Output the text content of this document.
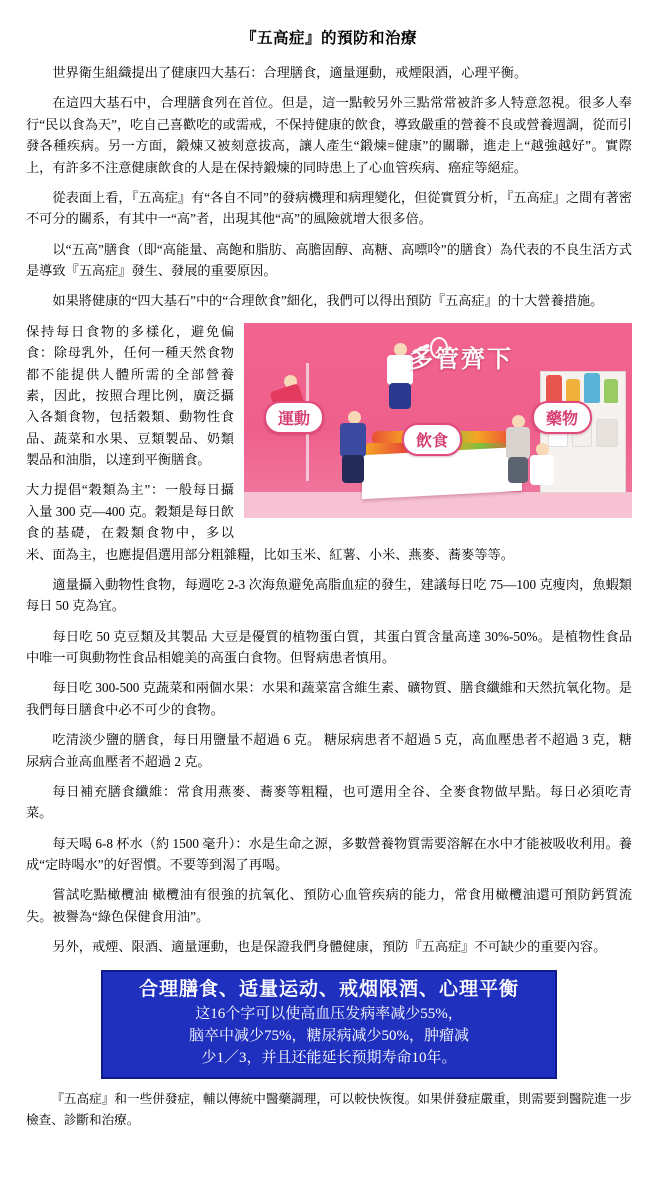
『五高症』的預防和治療

世界衛生組織提出了健康四大基石：合理膳食，適量運動，戒煙限酒，心理平衡。

在這四大基石中，合理膳食列在首位。但是，這一點較另外三點常常被許多人特意忽視。很多人奉行“民以食為天”，吃自己喜歡吃的或需戒，不保持健康的飲食，導致嚴重的營養不良或營養週調，從而引發各種疾病。另一方面，鍛煉又被刻意拔高，讓人產生“鍛煉=健康”的關聯，進走上“越強越好”。實際上，有許多不注意健康飲食的人是在保持鍛煉的同時患上了心血管疾病、癌症等絕症。

從表面上看，『五高症』有“各自不同”的發病機理和病理變化，但從實質分析，『五高症』之間有著密不可分的關系，有其中一“高”者，出現其他“高”的風險就增大很多倍。

以“五高”膳食（即“高能量、高飽和脂肪、高膽固醇、高糖、高嘌呤”的膳食）為代表的不良生活方式是導致『五高症』發生、發展的重要原因。

如果將健康的“四大基石”中的“合理飲食”細化，我們可以得出預防『五高症』的十大營養措施。

多管齊下
運動
飲食
藥物

保持每日食物的多樣化，避免偏食：除母乳外，任何一種天然食物都不能提供人體所需的全部營養素，因此，按照合理比例，廣泛攝入各類食物，包括穀類、動物性食品、蔬菜和水果、豆類製品、奶類製品和油脂，以達到平衡膳食。

大力提倡“穀類為主”：一般每日攝入量 300 克—400 克。穀類是每日飲食的基礎，在穀類食物中，多以米、面為主，也應提倡選用部分粗雜糧，比如玉米、紅薯、小米、燕麥、蕎麥等等。

適量攝入動物性食物，每週吃 2-3 次海魚避免高脂血症的發生，建議每日吃 75—100 克瘦肉，魚蝦類每日 50 克為宜。

每日吃 50 克豆類及其製品 大豆是優質的植物蛋白質，其蛋白質含量高達 30%-50%。是植物性食品中唯一可與動物性食品相媲美的高蛋白食物。但腎病患者慎用。

每日吃 300-500 克蔬菜和兩個水果：水果和蔬菜富含維生素、礦物質、膳食纖維和天然抗氧化物。是我們每日膳食中必不可少的食物。

吃清淡少鹽的膳食，每日用鹽量不超過 6 克。 糖尿病患者不超過 5 克，高血壓患者不超過 3 克，糖尿病合並高血壓者不超過 2 克。

每日補充膳食纖維：常食用燕麥、蕎麥等粗糧，也可選用全谷、全麥食物做早點。每日必須吃青菜。

每天喝 6-8 杯水（約 1500 毫升）：水是生命之源，多數營養物質需要溶解在水中才能被吸收利用。養成“定時喝水”的好習慣。不要等到渴了再喝。

嘗試吃點橄欖油 橄欖油有很強的抗氧化、預防心血管疾病的能力，常食用橄欖油還可預防鈣質流失。被譽為“綠色保健食用油”。

另外，戒煙、限酒、適量運動，也是保證我們身體健康，預防『五高症』不可缺少的重要內容。

合理膳食、适量运动、戒烟限酒、心理平衡
这16个字可以使高血压发病率减少55%，
脑卒中减少75%，糖尿病减少50%，肿瘤减
少1／3，并且还能延长预期寿命10年。

『五高症』和一些併發症，輔以傳統中醫藥調理，可以較快恢復。如果併發症嚴重，則需要到醫院進一步檢查、診斷和治療。
